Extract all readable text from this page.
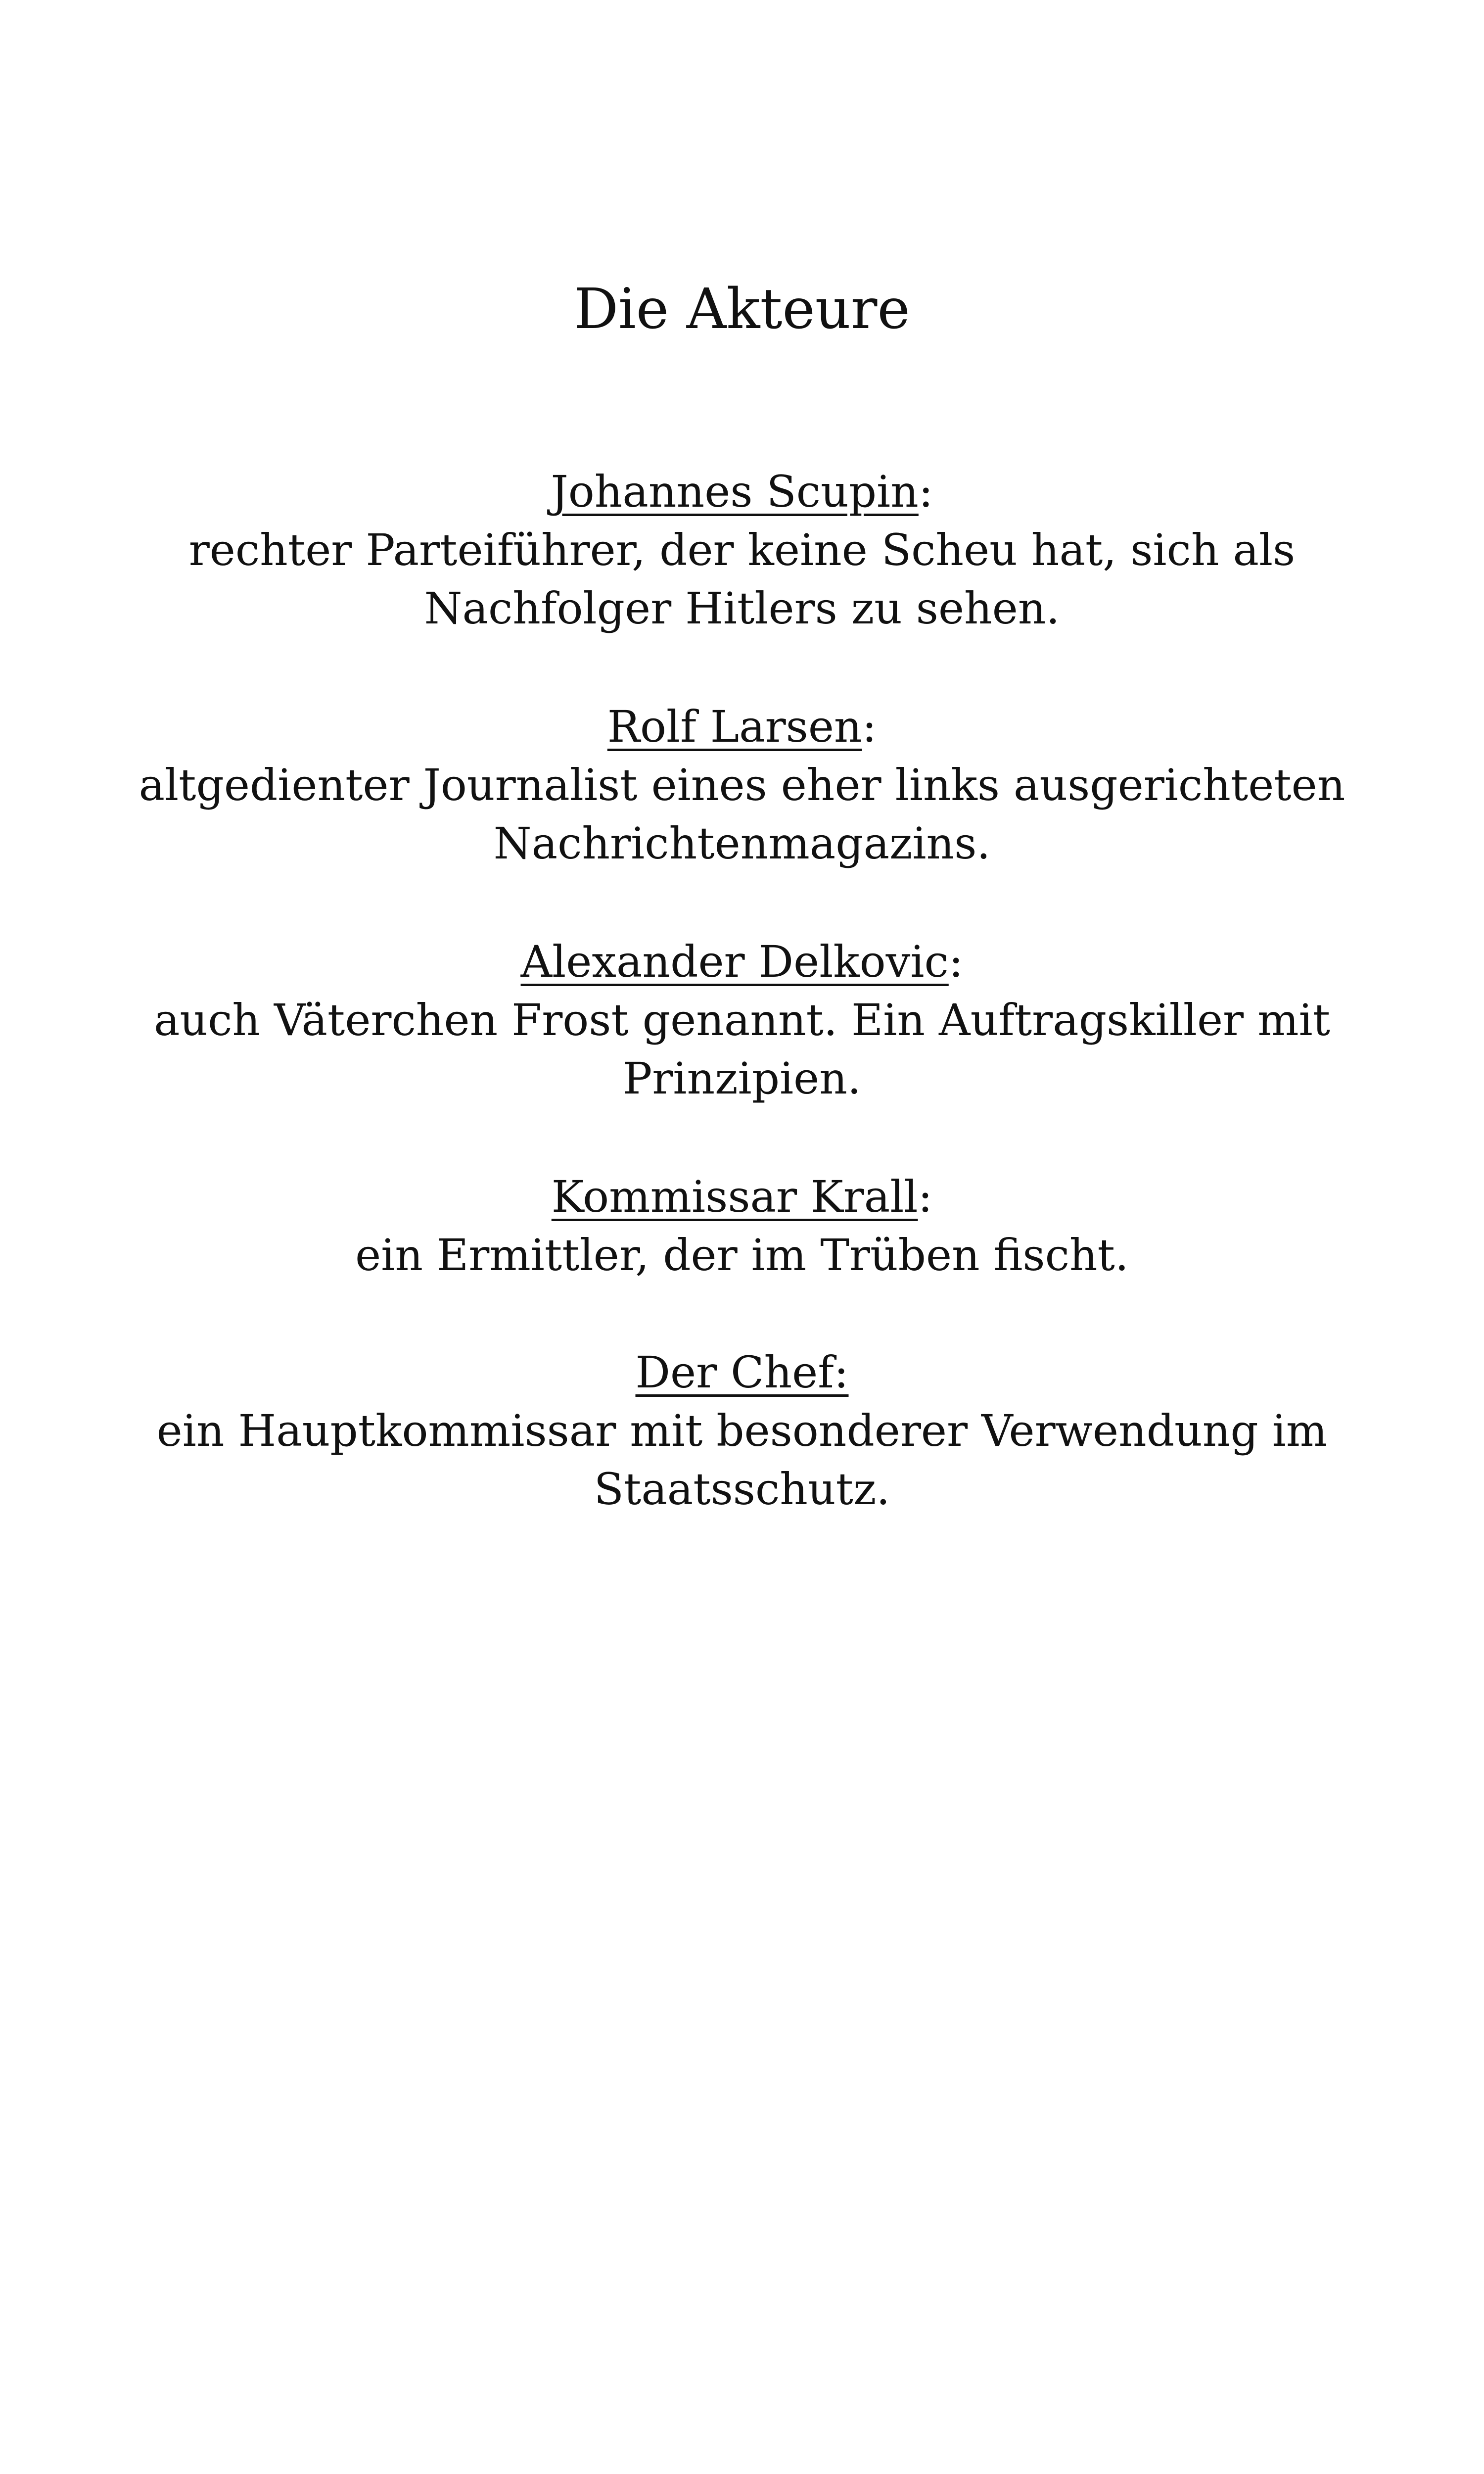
Die Akteure
Johannes Scupin:
rechter Parteiführer, der keine Scheu hat, sich als Nachfolger Hitlers zu sehen.
Rolf Larsen:
altgedienter Journalist eines eher links ausgerichteten Nachrichtenmagazins.
Alexander Delkovic:
auch Väterchen Frost genannt. Ein Auftragskiller mit Prinzipien.
Kommissar Krall:
ein Ermittler, der im Trüben fischt.
Der Chef:
ein Hauptkommissar mit besonderer Verwendung im Staatsschutz.
